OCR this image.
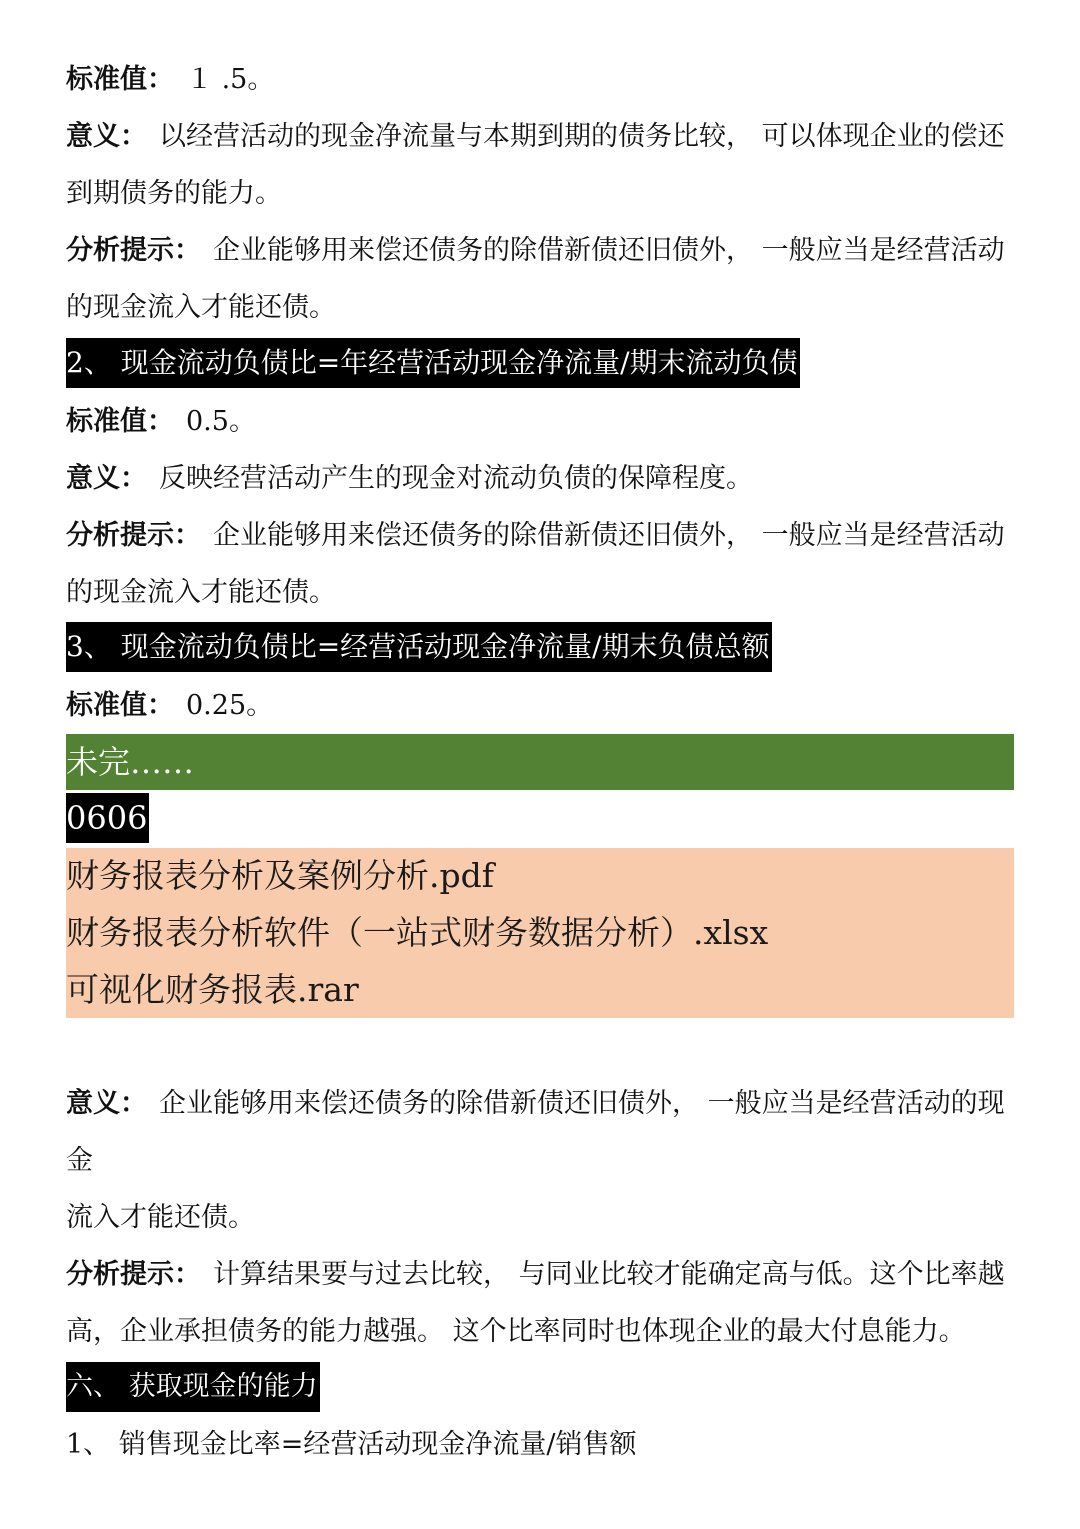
标准值： １ .5。
意义： 以经营活动的现金净流量与本期到期的债务比较， 可以体现企业的偿还
到期债务的能力。
分析提示： 企业能够用来偿还债务的除借新债还旧债外， 一般应当是经营活动
的现金流入才能还债。
2、 现金流动负债比=年经营活动现金净流量/期末流动负债
标准值： 0.5。
意义： 反映经营活动产生的现金对流动负债的保障程度。
分析提示： 企业能够用来偿还债务的除借新债还旧债外， 一般应当是经营活动
的现金流入才能还债。
3、 现金流动负债比=经营活动现金净流量/期末负债总额
标准值： 0.25。
未完……
0606
财务报表分析及案例分析.pdf
财务报表分析软件（一站式财务数据分析）.xlsx
可视化财务报表.rar
意义： 企业能够用来偿还债务的除借新债还旧债外， 一般应当是经营活动的现
金
流入才能还债。
分析提示： 计算结果要与过去比较， 与同业比较才能确定高与低。这个比率越
高，企业承担债务的能力越强。 这个比率同时也体现企业的最大付息能力。
六、 获取现金的能力
1、 销售现金比率=经营活动现金净流量/销售额
